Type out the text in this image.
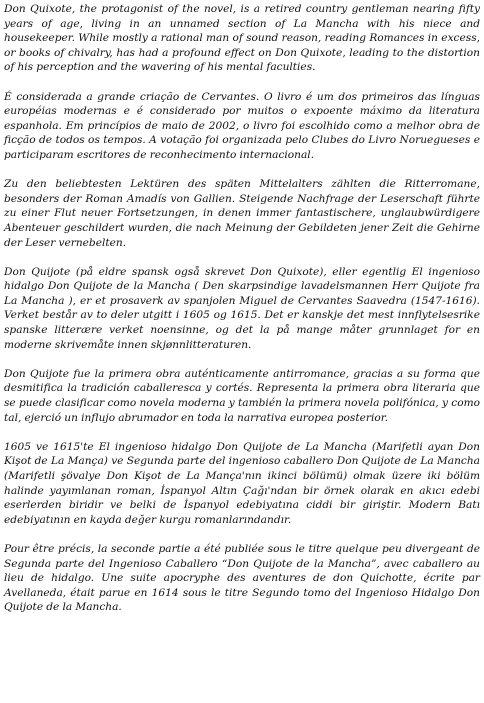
Don Quixote, the protagonist of the novel, is a retired country gentleman nearing fifty years of age, living in an unnamed section of La Mancha with his niece and housekeeper. While mostly a rational man of sound reason, reading Romances in excess, or books of chivalry, has had a profound effect on Don Quixote, leading to the distortion of his perception and the wavering of his mental faculties.

É considerada a grande criação de Cervantes. O livro é um dos primeiros das línguas européias modernas e é considerado por muitos o expoente máximo da literatura espanhola. Em princípios de maio de 2002, o livro foi escolhido como a melhor obra de ficção de todos os tempos. A votação foi organizada pelo Clubes do Livro Noruegueses e participaram escritores de reconhecimento internacional.

Zu den beliebtesten Lektüren des späten Mittelalters zählten die Ritterromane, besonders der Roman Amadís von Gallien. Steigende Nachfrage der Leserschaft führte zu einer Flut neuer Fortsetzungen, in denen immer fantastischere, unglaubwürdigere Abenteuer geschildert wurden, die nach Meinung der Gebildeten jener Zeit die Gehirne der Leser vernebelten.

Don Quijote (på eldre spansk også skrevet Don Quixote), eller egentlig El ingenioso hidalgo Don Quijote de la Mancha ( Den skarpsindige lavadelsmannen Herr Quijote fra La Mancha ), er et prosaverk av spanjolen Miguel de Cervantes Saavedra (1547-1616). Verket består av to deler utgitt i 1605 og 1615. Det er kanskje det mest innflytelsesrike spanske litterære verket noensinne, og det la på mange måter grunnlaget for en moderne skrivemåte innen skjønnlitteraturen.

Don Quijote fue la primera obra auténticamente antirromance, gracias a su forma que desmitifica la tradición caballeresca y cortés. Representa la primera obra literaria que se puede clasificar como novela moderna y también la primera novela polifónica, y como tal, ejerció un influjo abrumador en toda la narrativa europea posterior.

1605 ve 1615'te El ingenioso hidalgo Don Quijote de La Mancha (Marifetli ayan Don Kişot de La Mança) ve Segunda parte del ingenioso caballero Don Quijote de La Mancha (Marifetli şövalye Don Kişot de La Mança'nın ikinci bölümü) olmak üzere iki bölüm halinde yayımlanan roman, İspanyol Altın Çağı'ndan bir örnek olarak en akıcı edebi eserlerden biridir ve belki de İspanyol edebiyatına ciddi bir giriştir. Modern Batı edebiyatının en kayda değer kurgu romanlarındandır.

Pour être précis, la seconde partie a été publiée sous le titre quelque peu divergeant de Segunda parte del Ingenioso Caballero “Don Quijote de la Mancha”, avec caballero au lieu de hidalgo. Une suite apocryphe des aventures de don Quichotte, écrite par Avellaneda, était parue en 1614 sous le titre Segundo tomo del Ingenioso Hidalgo Don Quijote de la Mancha.
